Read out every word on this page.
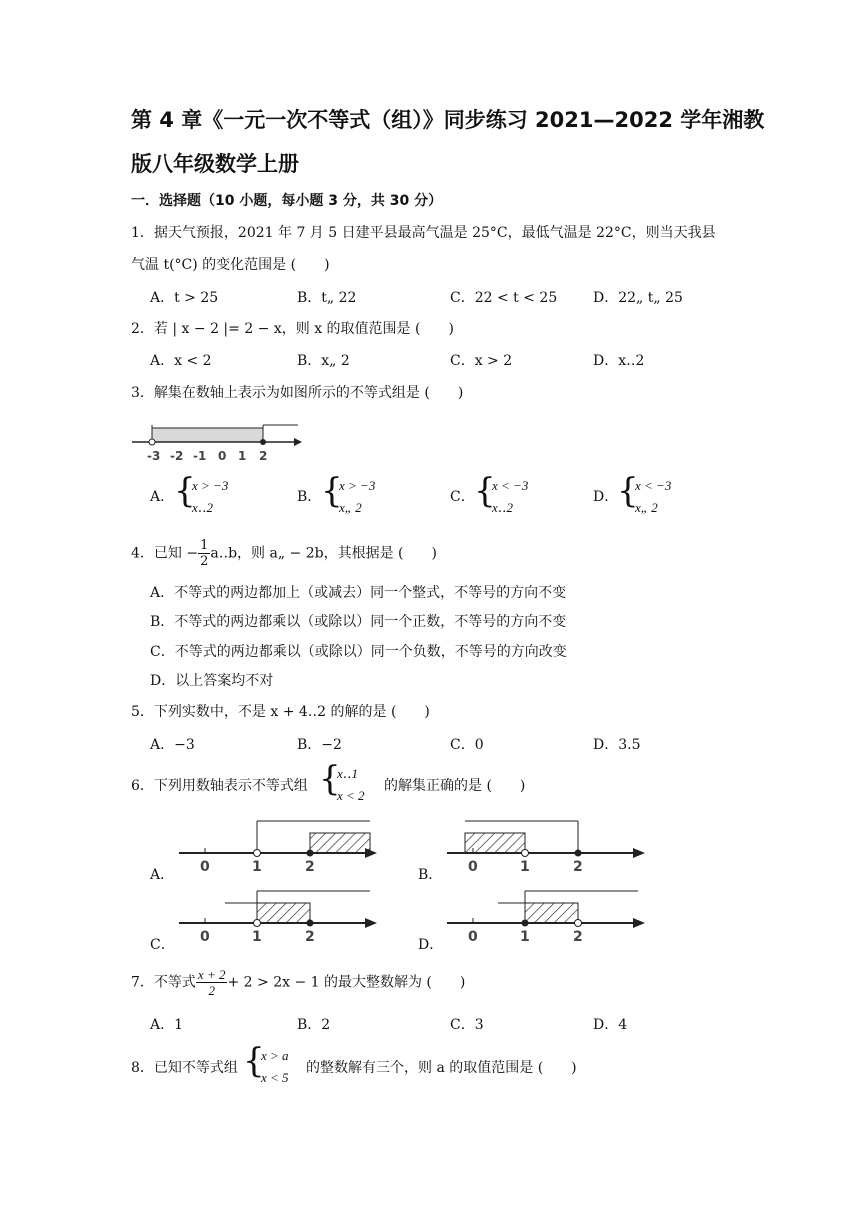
第 4 章《一元一次不等式（组）》同步练习 2021—2022 学年湘教
版八年级数学上册
一．选择题（10 小题，每小题 3 分，共 30 分）
1．据天气预报，2021 年 7 月 5 日建平县最高气温是 25°C，最低气温是 22°C，则当天我县
气温 t(°C) 的变化范围是 (　　)
A．t > 25	B．t„ 22	C．22 < t < 25	D．22„ t„ 25
2．若 | x − 2 |= 2 − x，则 x 的取值范围是 (　　)
A．x < 2	B．x„ 2	C．x > 2	D．x‥2
3．解集在数轴上表示为如图所示的不等式组是 (　　)
-3 -2 -1 0 1 2
A． {
x > −3
x‥2
B． {
x > −3
x„ 2
C． {
x < −3
x‥2
D．
{
x < −3
x„ 2
4．已知 − $\frac{1}{2}$ a‥b，则 a„ − 2b，其根据是 (　　)
A．不等式的两边都加上（或减去）同一个整式，不等号的方向不变
B．不等式的两边都乘以（或除以）同一个正数，不等号的方向不变
C．不等式的两边都乘以（或除以）同一个负数，不等号的方向改变
D．以上答案均不对
5．下列实数中，不是 x + 4‥2 的解的是 (　　)
A．−3	B．−2	C．0	D．3.5
6．下列用数轴表示不等式组 {
x‥1
x < 2
的解集正确的是 (　　)
A． 0	1	2	B． 0	1	2
C． 0	1	2	D． 0	1	2
7．不等式 $\frac{x + 2}{2} + 2 > 2x - 1$ 的最大整数解为 (　　)
A．1	B．2	C．3	D．4
8．已知不等式组 {
x > a
x < 5
的整数解有三个，则 a 的取值范围是 (　　)
